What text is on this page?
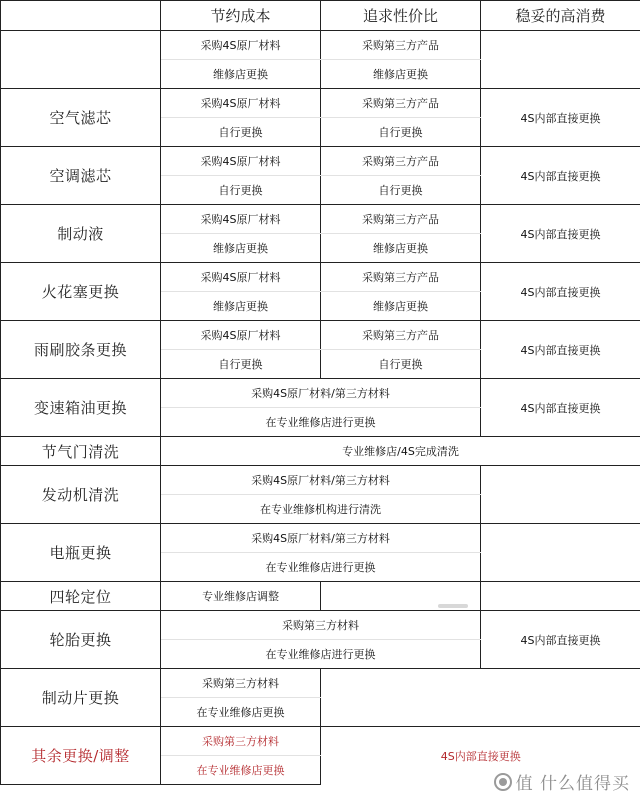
	节约成本	追求性价比	稳妥的高消费
	采购4S原厂材料	采购第三方产品	
	维修店更换	维修店更换	
空气滤芯	采购4S原厂材料	采购第三方产品	4S内部直接更换
	自行更换	自行更换	
空调滤芯	采购4S原厂材料	采购第三方产品	4S内部直接更换
	自行更换	自行更换	
制动液	采购4S原厂材料	采购第三方产品	4S内部直接更换
	维修店更换	维修店更换	
火花塞更换	采购4S原厂材料	采购第三方产品	4S内部直接更换
	维修店更换	维修店更换	
雨刷胶条更换	采购4S原厂材料	采购第三方产品	4S内部直接更换
	自行更换	自行更换	
变速箱油更换	采购4S原厂材料/第三方材料		4S内部直接更换
	在专业维修店进行更换		
节气门清洗	专业维修店/4S完成清洗		
发动机清洗	采购4S原厂材料/第三方材料		
	在专业维修机构进行清洗		
电瓶更换	采购4S原厂材料/第三方材料		
	在专业维修店进行更换		
四轮定位	专业维修店调整		
轮胎更换	采购第三方材料		4S内部直接更换
	在专业维修店进行更换		
制动片更换	采购第三方材料		
	在专业维修店更换		
其余更换/调整	采购第三方材料	4S内部直接更换	
	在专业维修店更换		
值 什么值得买
